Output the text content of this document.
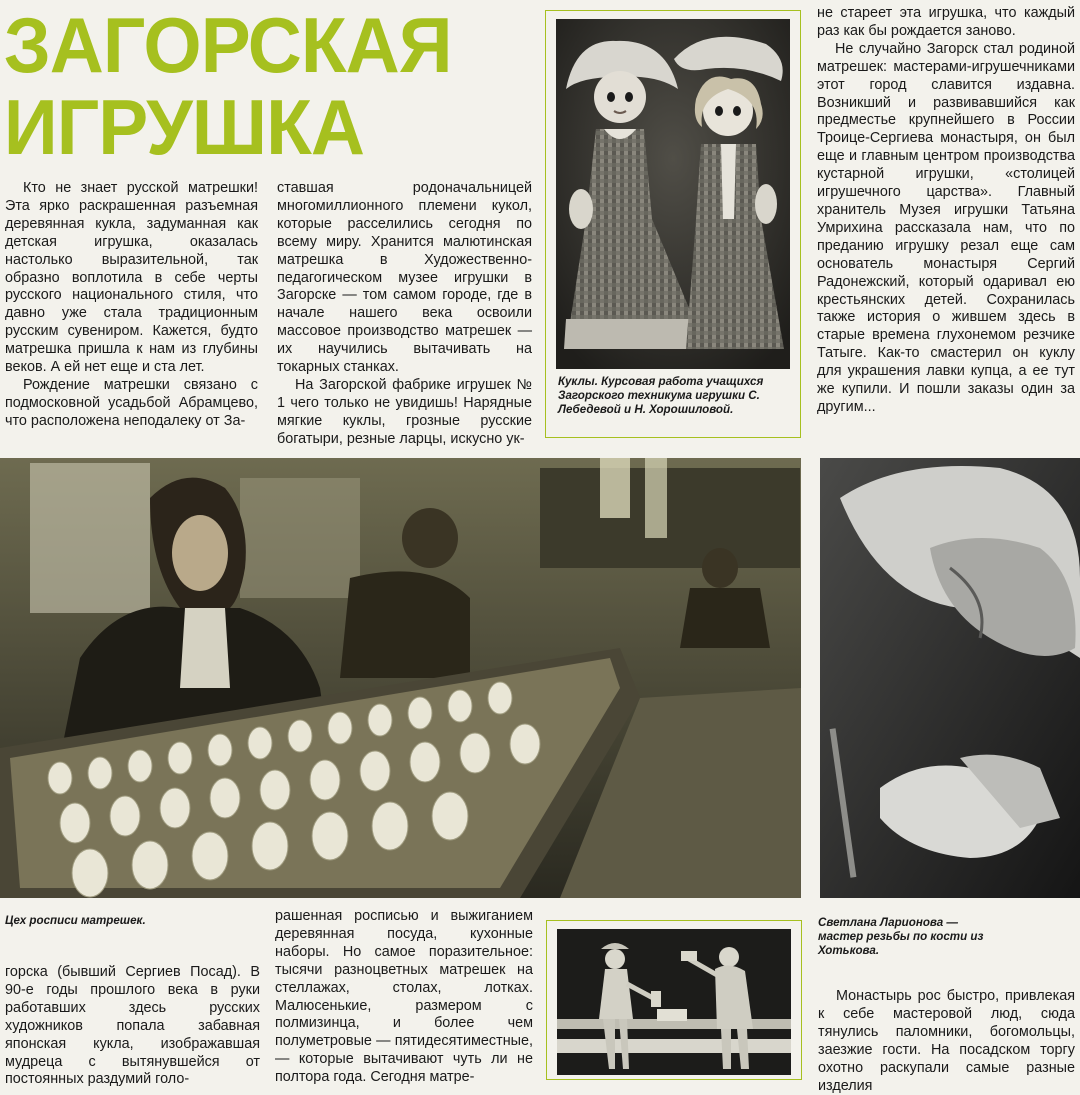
ЗАГОРСКАЯ
ИГРУШКА

Кто не знает русской матрешки! Эта ярко раскрашенная разъемная деревянная кукла, задуманная как детская игрушка, оказалась настолько выразительной, так образно воплотила в себе черты русского национального стиля, что давно уже стала традиционным русским сувениром. Кажется, будто матрешка пришла к нам из глубины веков. А ей нет еще и ста лет.

Рождение матрешки связано с подмосковной усадьбой Абрамцево, что расположена неподалеку от За-

ставшая родоначальницей многомиллионного племени кукол, которые расселились сегодня по всему миру. Хранится малютинская матрешка в Художественно-педагогическом музее игрушки в Загорске — том самом городе, где в начале нашего века освоили массовое производство матрешек — их научились вытачивать на токарных станках.

На Загорской фабрике игрушек № 1 чего только не увидишь! Нарядные мягкие куклы, грозные русские богатыри, резные ларцы, искусно ук-

Куклы. Курсовая работа учащихся Загорского техникума игрушки С. Лебедевой и Н. Хорошиловой.

не стареет эта игрушка, что каждый раз как бы рождается заново.

Не случайно Загорск стал родиной матрешек: мастерами-игрушечниками этот город славится издавна. Возникший и развивавшийся как предместье крупнейшего в России Троице-Сергиева монастыря, он был еще и главным центром производства кустарной игрушки, «столицей игрушечного царства». Главный хранитель Музея игрушки Татьяна Умрихина рассказала нам, что по преданию игрушку резал еще сам основатель монастыря Сергий Радонежский, который одаривал ею крестьянских детей. Сохранилась также история о жившем здесь в старые времена глухонемом резчике Татыге. Как-то смастерил он куклу для украшения лавки купца, а ее тут же купили. И пошли заказы один за другим...

Цех росписи матрешек.

горска (бывший Сергиев Посад). В 90-е годы прошлого века в руки работавших здесь русских художников попала забавная японская кукла, изображавшая мудреца с вытянувшейся от постоянных раздумий голо-

рашенная росписью и выжиганием деревянная посуда, кухонные наборы. Но самое поразительное: тысячи разноцветных матрешек на стеллажах, столах, лотках. Малюсенькие, размером с полмизинца, и более чем полуметровые — пятидесятиместные, — которые вытачивают чуть ли не полтора года. Сегодня матре-

Светлана Ларионова — мастер резьбы по кости из Хотькова.

Монастырь рос быстро, привлекая к себе мастеровой люд, сюда тянулись паломники, богомольцы, заезжие гости. На посадском торгу охотно раскупали самые разные изделия
